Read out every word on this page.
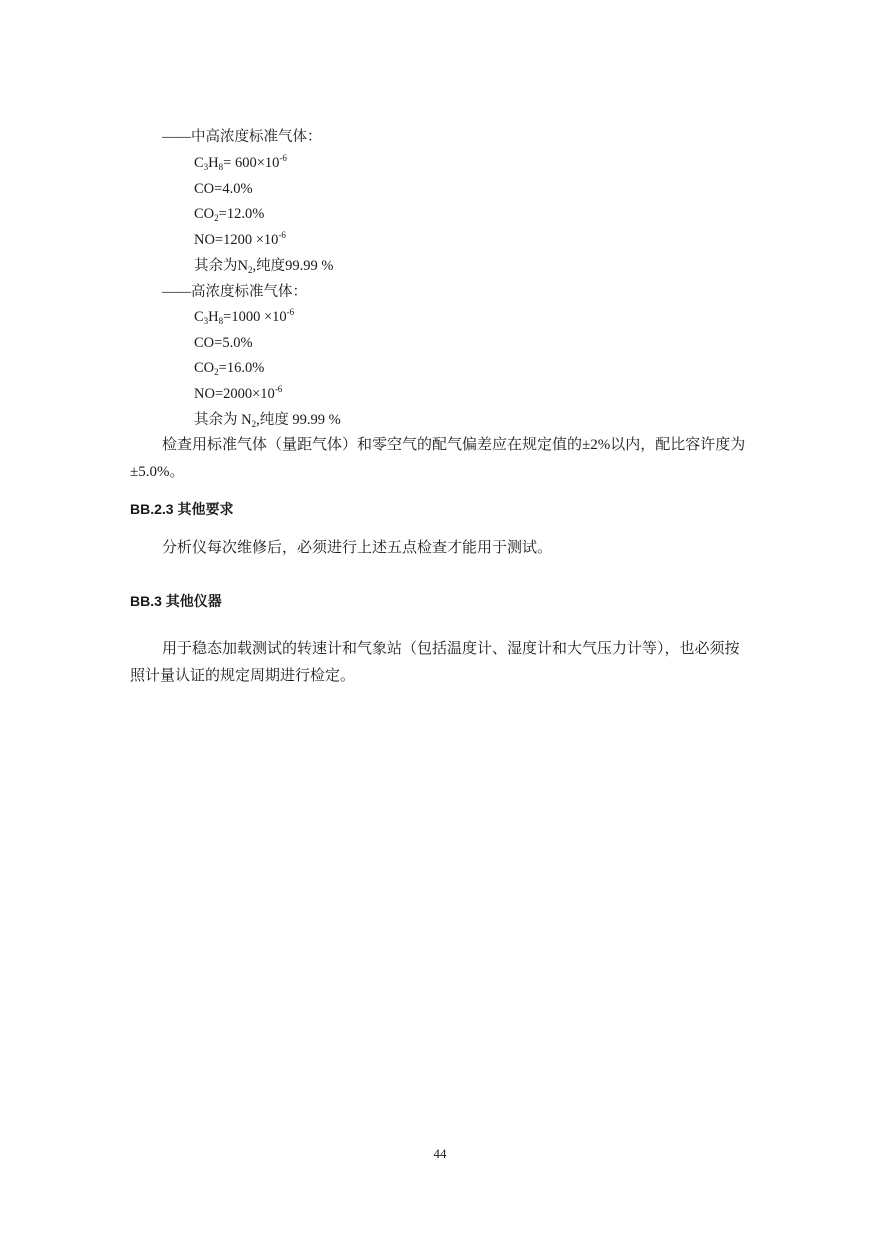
——中高浓度标准气体：
$C_3H_8= 600\times 10^{-6}$
CO=4.0%
$CO_2=12.0\%$
$NO=1200 \times 10^{-6}$
其余为$N_2$,纯度99.99 %
——高浓度标准气体：
$C_3H_8=1000 \times 10^{-6}$
CO=5.0%
$CO_2=16.0\%$
$NO=2000\times 10^{-6}$
其余为 $N_2$,纯度 99.99 %
检查用标准气体（量距气体）和零空气的配气偏差应在规定值的±2%以内，配比容许度为±5.0%。
BB.2.3 其他要求
分析仪每次维修后，必须进行上述五点检查才能用于测试。
BB.3 其他仪器
用于稳态加载测试的转速计和气象站（包括温度计、湿度计和大气压力计等），也必须按照计量认证的规定周期进行检定。
44
